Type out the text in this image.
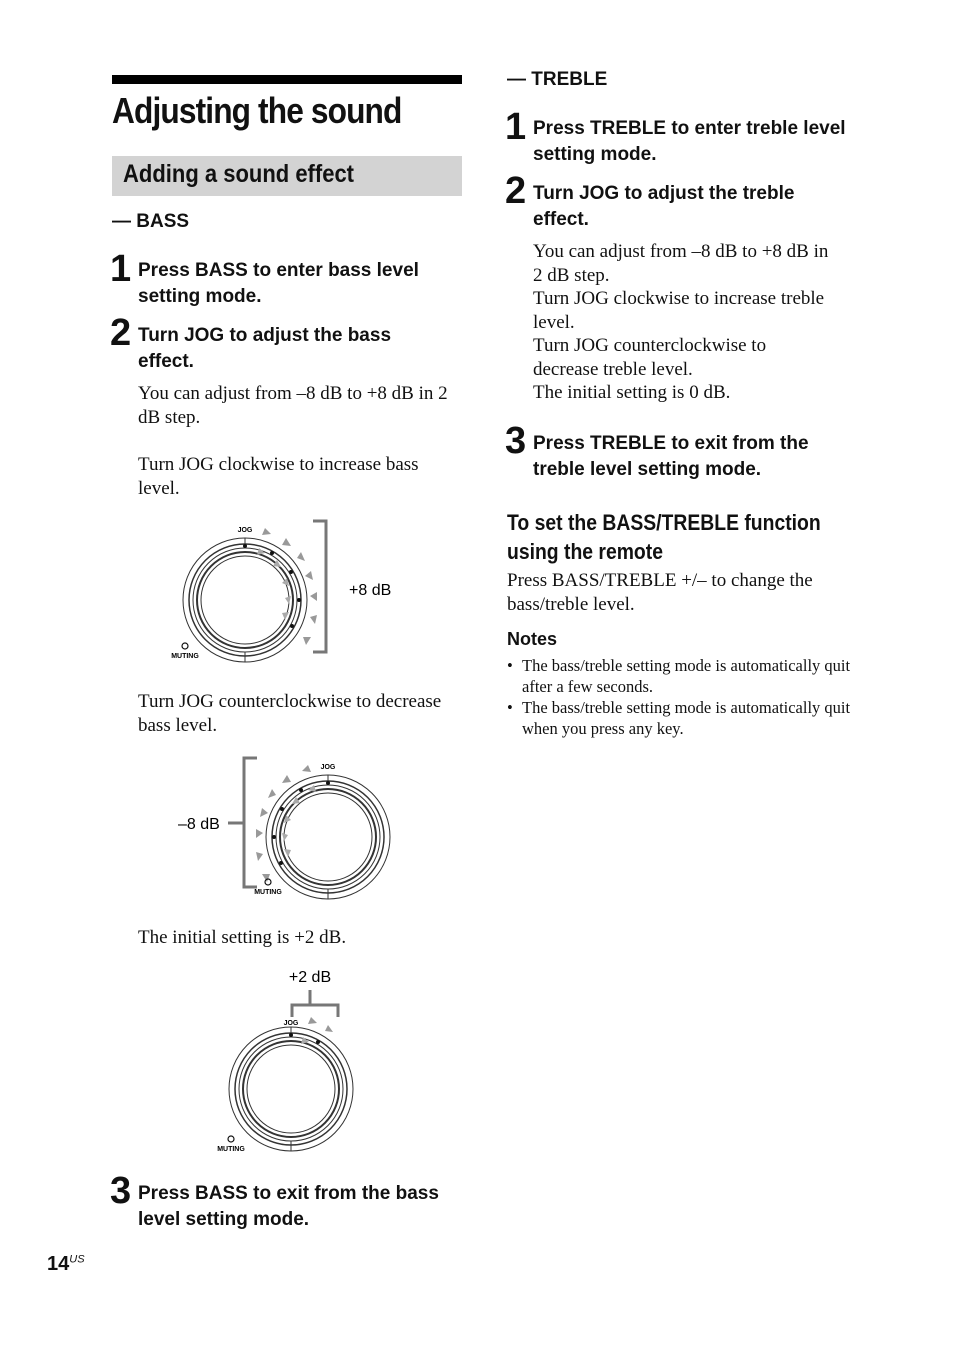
Adjusting the sound
Adding a sound effect
— BASS
1 Press BASS to enter bass level setting mode.
2 Turn JOG to adjust the bass effect.
You can adjust from –8 dB to +8 dB in 2 dB step.
Turn JOG clockwise to increase bass level.
JOG
MUTING
+8 dB
Turn JOG counterclockwise to decrease bass level.
JOG
MUTING
–8 dB
The initial setting is +2 dB.
+2 dB
JOG
MUTING
3 Press BASS to exit from the bass level setting mode.
— TREBLE
1 Press TREBLE to enter treble level setting mode.
2 Turn JOG to adjust the treble effect.
You can adjust from –8 dB to +8 dB in
2 dB step.
Turn JOG clockwise to increase treble
level.
Turn JOG counterclockwise to
decrease treble level.
The initial setting is 0 dB.
3 Press TREBLE to exit from the treble level setting mode.
To set the BASS/TREBLE function
using the remote
Press BASS/TREBLE +/– to change the bass/treble level.
Notes
• The bass/treble setting mode is automatically quit after a few seconds.
• The bass/treble setting mode is automatically quit when you press any key.
$14^{US}$
